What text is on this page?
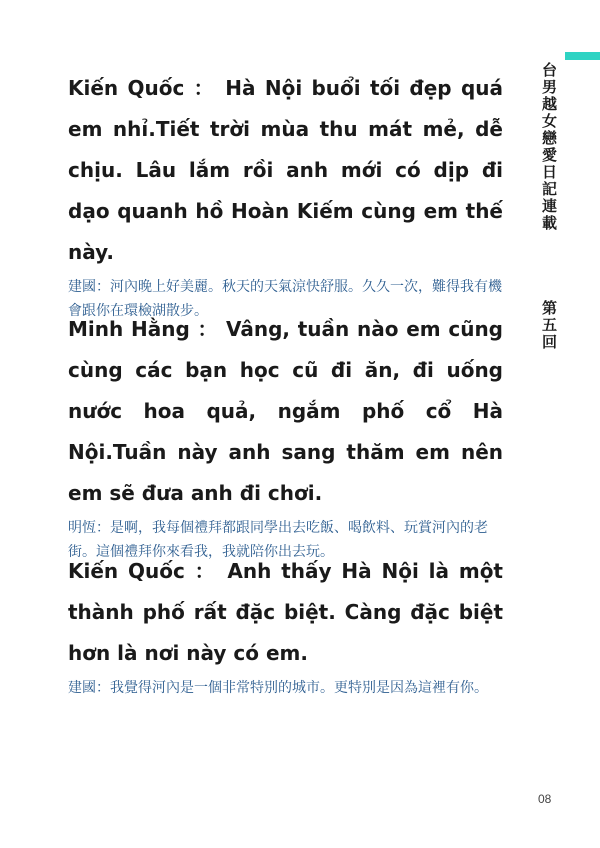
台男越女戀愛日記連載
第五回

Kiến Quốc ： Hà Nội buổi tối đẹp quá em nhỉ.Tiết trời mùa thu mát mẻ, dễ chịu. Lâu lắm rồi anh mới có dịp đi dạo quanh hồ Hoàn Kiếm cùng em thế này.

建國：河內晚上好美麗。秋天的天氣涼快舒服。久久一次，難得我有機會跟你在環檢湖散步。

Minh Hằng ： Vâng, tuần nào em cũng cùng các bạn học cũ đi ăn, đi uống nước hoa quả, ngắm phố cổ Hà Nội.Tuần này anh sang thăm em nên em sẽ đưa anh đi chơi.

明恆：是啊，我每個禮拜都跟同學出去吃飯、喝飲料、玩賞河內的老街。這個禮拜你來看我，我就陪你出去玩。

Kiến Quốc ： Anh thấy Hà Nội là một thành phố rất đặc biệt. Càng đặc biệt hơn là nơi này có em.

建國：我覺得河內是一個非常特別的城市。更特別是因為這裡有你。

08
